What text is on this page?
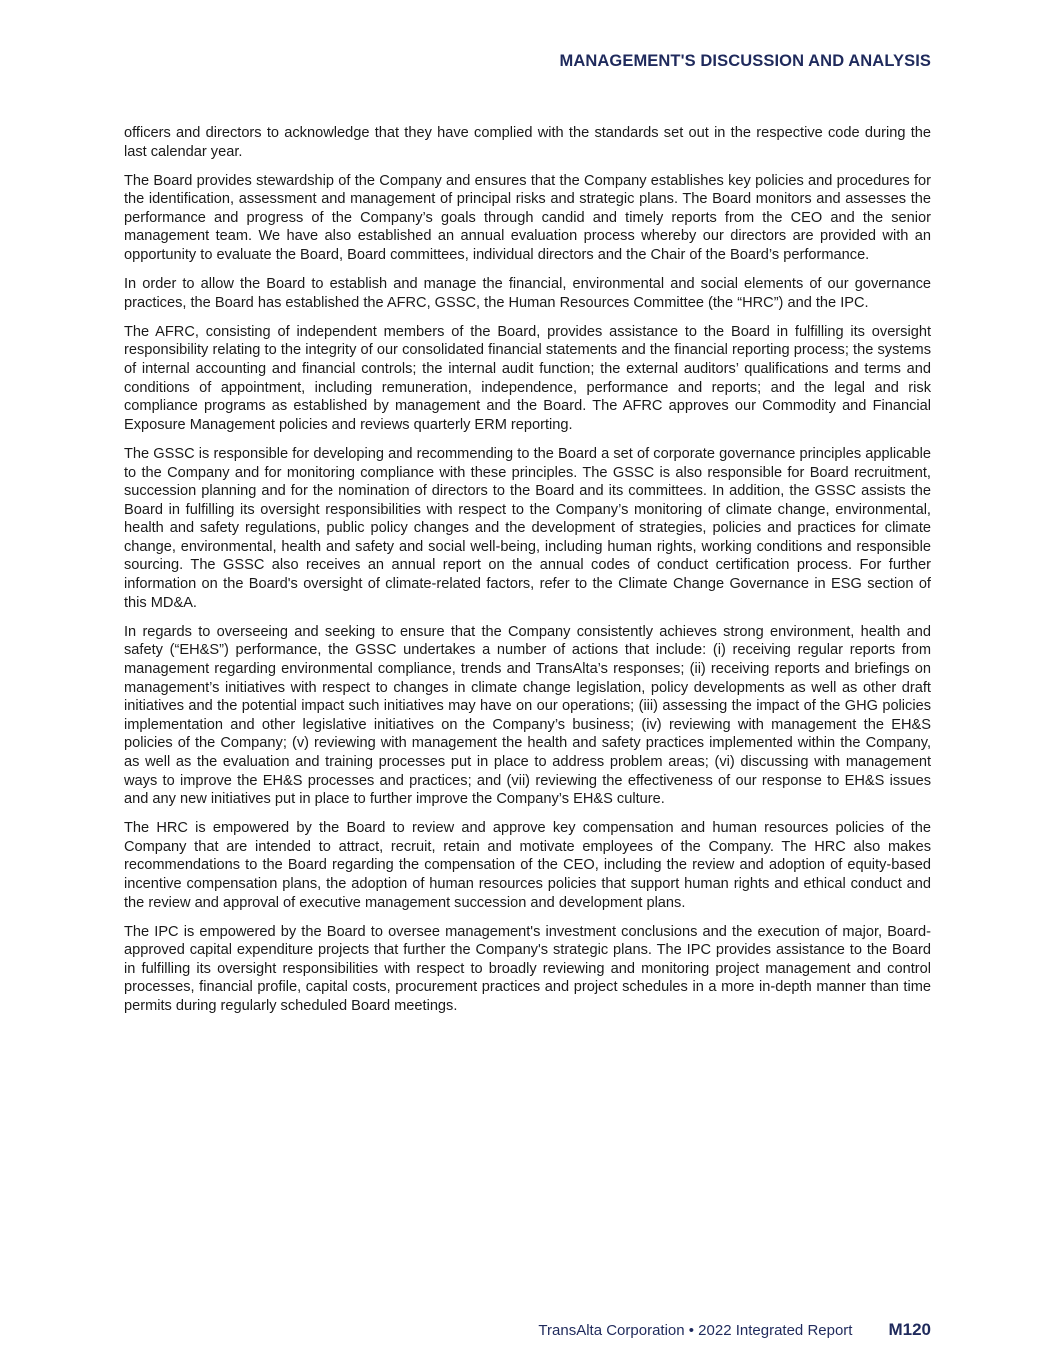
MANAGEMENT'S DISCUSSION AND ANALYSIS

officers and directors to acknowledge that they have complied with the standards set out in the respective code during the last calendar year.

The Board provides stewardship of the Company and ensures that the Company establishes key policies and procedures for the identification, assessment and management of principal risks and strategic plans. The Board monitors and assesses the performance and progress of the Company’s goals through candid and timely reports from the CEO and the senior management team. We have also established an annual evaluation process whereby our directors are provided with an opportunity to evaluate the Board, Board committees, individual directors and the Chair of the Board’s performance.

In order to allow the Board to establish and manage the financial, environmental and social elements of our governance practices, the Board has established the AFRC, GSSC, the Human Resources Committee (the “HRC”) and the IPC.

The AFRC, consisting of independent members of the Board, provides assistance to the Board in fulfilling its oversight responsibility relating to the integrity of our consolidated financial statements and the financial reporting process; the systems of internal accounting and financial controls; the internal audit function; the external auditors’ qualifications and terms and conditions of appointment, including remuneration, independence, performance and reports; and the legal and risk compliance programs as established by management and the Board. The AFRC approves our Commodity and Financial Exposure Management policies and reviews quarterly ERM reporting.

The GSSC is responsible for developing and recommending to the Board a set of corporate governance principles applicable to the Company and for monitoring compliance with these principles. The GSSC is also responsible for Board recruitment, succession planning and for the nomination of directors to the Board and its committees. In addition, the GSSC assists the Board in fulfilling its oversight responsibilities with respect to the Company’s monitoring of climate change, environmental, health and safety regulations, public policy changes and the development of strategies, policies and practices for climate change, environmental, health and safety and social well-being, including human rights, working conditions and responsible sourcing. The GSSC also receives an annual report on the annual codes of conduct certification process. For further information on the Board's oversight of climate-related factors, refer to the Climate Change Governance in ESG section of this MD&A.

In regards to overseeing and seeking to ensure that the Company consistently achieves strong environment, health and safety (“EH&S”) performance, the GSSC undertakes a number of actions that include: (i) receiving regular reports from management regarding environmental compliance, trends and TransAlta’s responses; (ii) receiving reports and briefings on management’s initiatives with respect to changes in climate change legislation, policy developments as well as other draft initiatives and the potential impact such initiatives may have on our operations; (iii) assessing the impact of the GHG policies implementation and other legislative initiatives on the Company’s business; (iv) reviewing with management the EH&S policies of the Company; (v) reviewing with management the health and safety practices implemented within the Company, as well as the evaluation and training processes put in place to address problem areas; (vi) discussing with management ways to improve the EH&S processes and practices; and (vii) reviewing the effectiveness of our response to EH&S issues and any new initiatives put in place to further improve the Company’s EH&S culture.

The HRC is empowered by the Board to review and approve key compensation and human resources policies of the Company that are intended to attract, recruit, retain and motivate employees of the Company. The HRC also makes recommendations to the Board regarding the compensation of the CEO, including the review and adoption of equity-based incentive compensation plans, the adoption of human resources policies that support human rights and ethical conduct and the review and approval of executive management succession and development plans.

The IPC is empowered by the Board to oversee management's investment conclusions and the execution of major, Board-approved capital expenditure projects that further the Company's strategic plans. The IPC provides assistance to the Board in fulfilling its oversight responsibilities with respect to broadly reviewing and monitoring project management and control processes, financial profile, capital costs, procurement practices and project schedules in a more in-depth manner than time permits during regularly scheduled Board meetings.

TransAlta Corporation • 2022 Integrated Report M120
